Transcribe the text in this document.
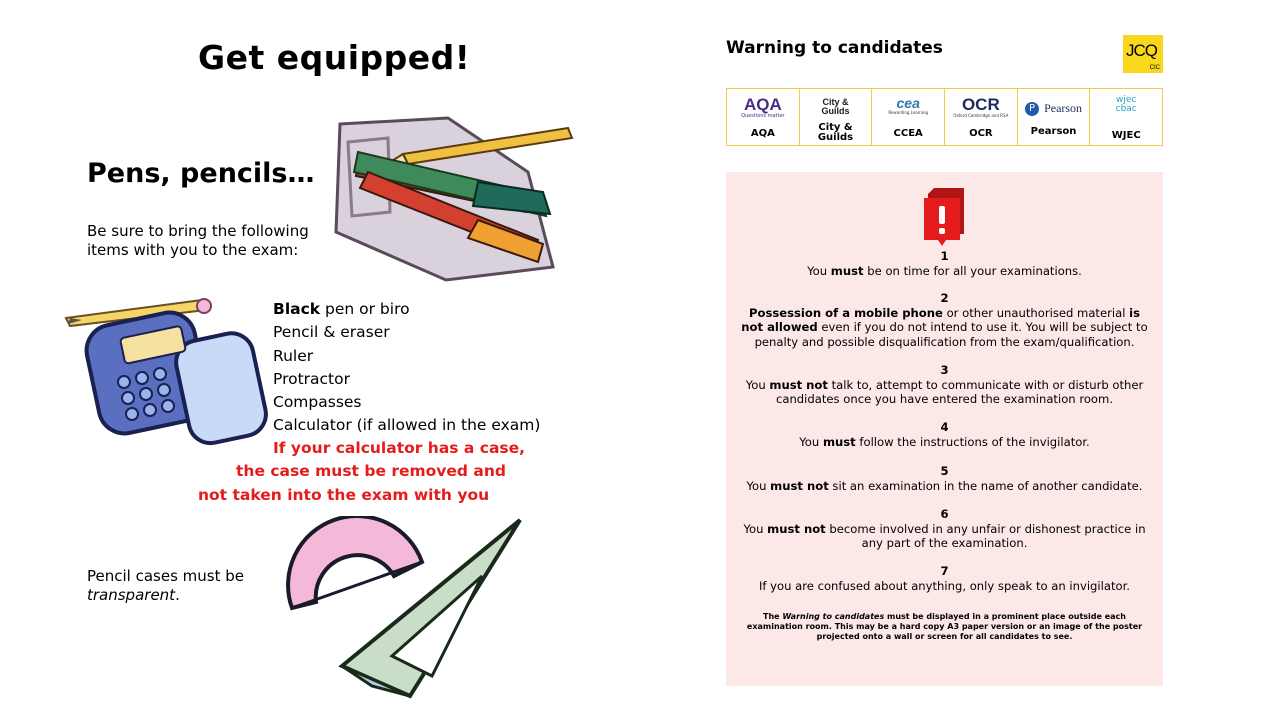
Get equipped!
Pens, pencils…
Be sure to bring the following items with you to the exam:
Black pen or biro
Pencil & eraser
Ruler
Protractor
Compasses
Calculator (if allowed in the exam)
If your calculator has a case,
the case must be removed and
not taken into the exam with you
Pencil cases must be
transparent.
Warning to candidates	JCQ
CIC
AQA
Questions matter
AQA
City & Guilds
City & Guilds
cea
Rewarding Learning
CCEA
OCR
Oxford Cambridge and RSA
OCR
P Pearson
Pearson
wjec
cbac
WJEC
1
You must be on time for all your examinations.
2
Possession of a mobile phone or other unauthorised material is not allowed even if you do not intend to use it. You will be subject to penalty and possible disqualification from the exam/qualification.
3
You must not talk to, attempt to communicate with or disturb other candidates once you have entered the examination room.
4
You must follow the instructions of the invigilator.
5
You must not sit an examination in the name of another candidate.
6
You must not become involved in any unfair or dishonest practice in any part of the examination.
7
If you are confused about anything, only speak to an invigilator.
The Warning to candidates must be displayed in a prominent place outside each examination room. This may be a hard copy A3 paper version or an image of the poster projected onto a wall or screen for all candidates to see.
